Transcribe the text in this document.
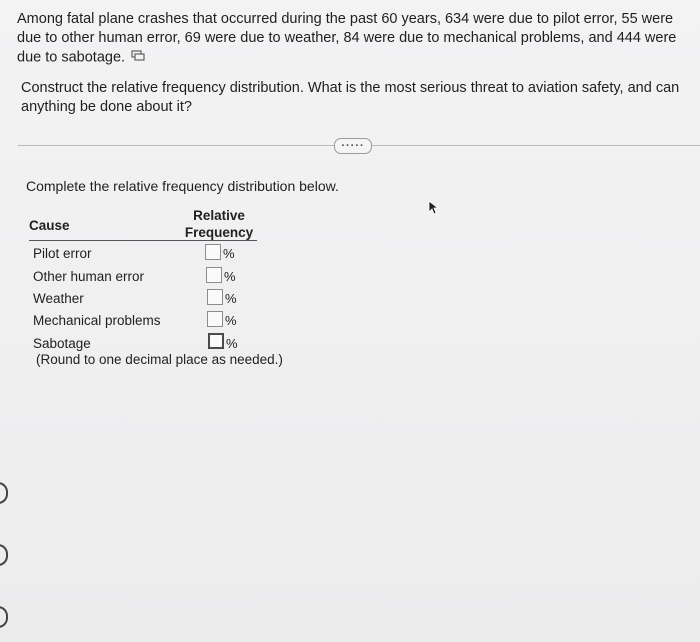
Among fatal plane crashes that occurred during the past 60 years, 634 were due to pilot error, 55 were due to other human error, 69 were due to weather, 84 were due to mechanical problems, and 444 were due to sabotage.
Construct the relative frequency distribution. What is the most serious threat to aviation safety, and can anything be done about it?
·····
Complete the relative frequency distribution below.
Cause
Relative
Frequency
Pilot error	%
Other human error	%
Weather	%
Mechanical problems	%
Sabotage	%
(Round to one decimal place as needed.)
